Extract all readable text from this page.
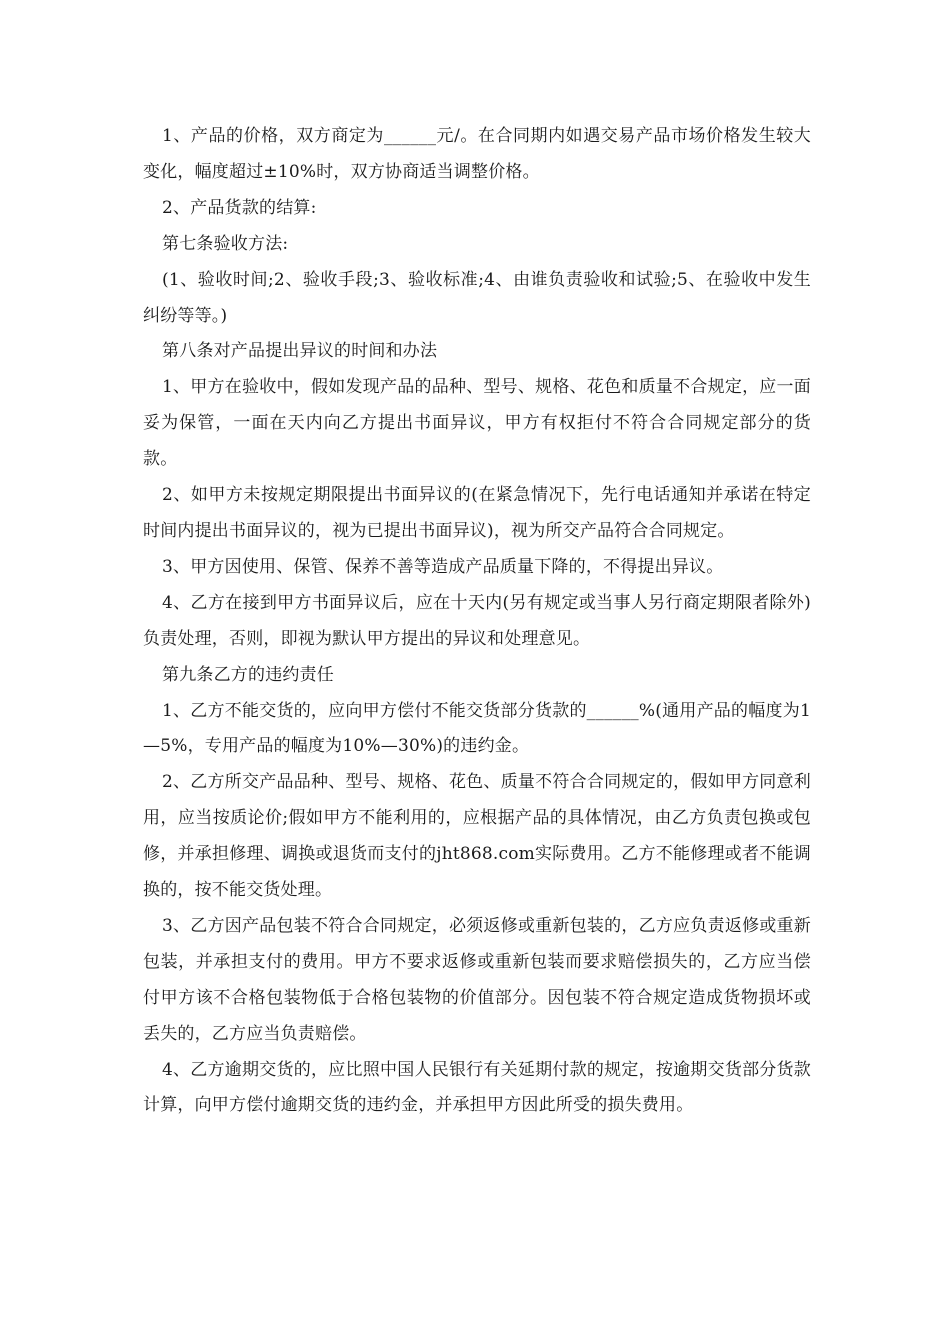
1、产品的价格，双方商定为______元/。在合同期内如遇交易产品市场价格发生较大变化，幅度超过±10%时，双方协商适当调整价格。

2、产品货款的结算:

第七条验收方法:

(1、验收时间;2、验收手段;3、验收标准;4、由谁负责验收和试验;5、在验收中发生纠纷等等。)

第八条对产品提出异议的时间和办法

1、甲方在验收中，假如发现产品的品种、型号、规格、花色和质量不合规定，应一面妥为保管，一面在天内向乙方提出书面异议，甲方有权拒付不符合合同规定部分的货款。

2、如甲方未按规定期限提出书面异议的(在紧急情况下，先行电话通知并承诺在特定时间内提出书面异议的，视为已提出书面异议)，视为所交产品符合合同规定。

3、甲方因使用、保管、保养不善等造成产品质量下降的，不得提出异议。

4、乙方在接到甲方书面异议后，应在十天内(另有规定或当事人另行商定期限者除外)负责处理，否则，即视为默认甲方提出的异议和处理意见。

第九条乙方的违约责任

1、乙方不能交货的，应向甲方偿付不能交货部分货款的______%(通用产品的幅度为1—5%，专用产品的幅度为10%—30%)的违约金。

2、乙方所交产品品种、型号、规格、花色、质量不符合合同规定的，假如甲方同意利用，应当按质论价;假如甲方不能利用的，应根据产品的具体情况，由乙方负责包换或包修，并承担修理、调换或退货而支付的jht868.com实际费用。乙方不能修理或者不能调换的，按不能交货处理。

3、乙方因产品包装不符合合同规定，必须返修或重新包装的，乙方应负责返修或重新包装，并承担支付的费用。甲方不要求返修或重新包装而要求赔偿损失的，乙方应当偿付甲方该不合格包装物低于合格包装物的价值部分。因包装不符合规定造成货物损坏或丢失的，乙方应当负责赔偿。

4、乙方逾期交货的，应比照中国人民银行有关延期付款的规定，按逾期交货部分货款计算，向甲方偿付逾期交货的违约金，并承担甲方因此所受的损失费用。
